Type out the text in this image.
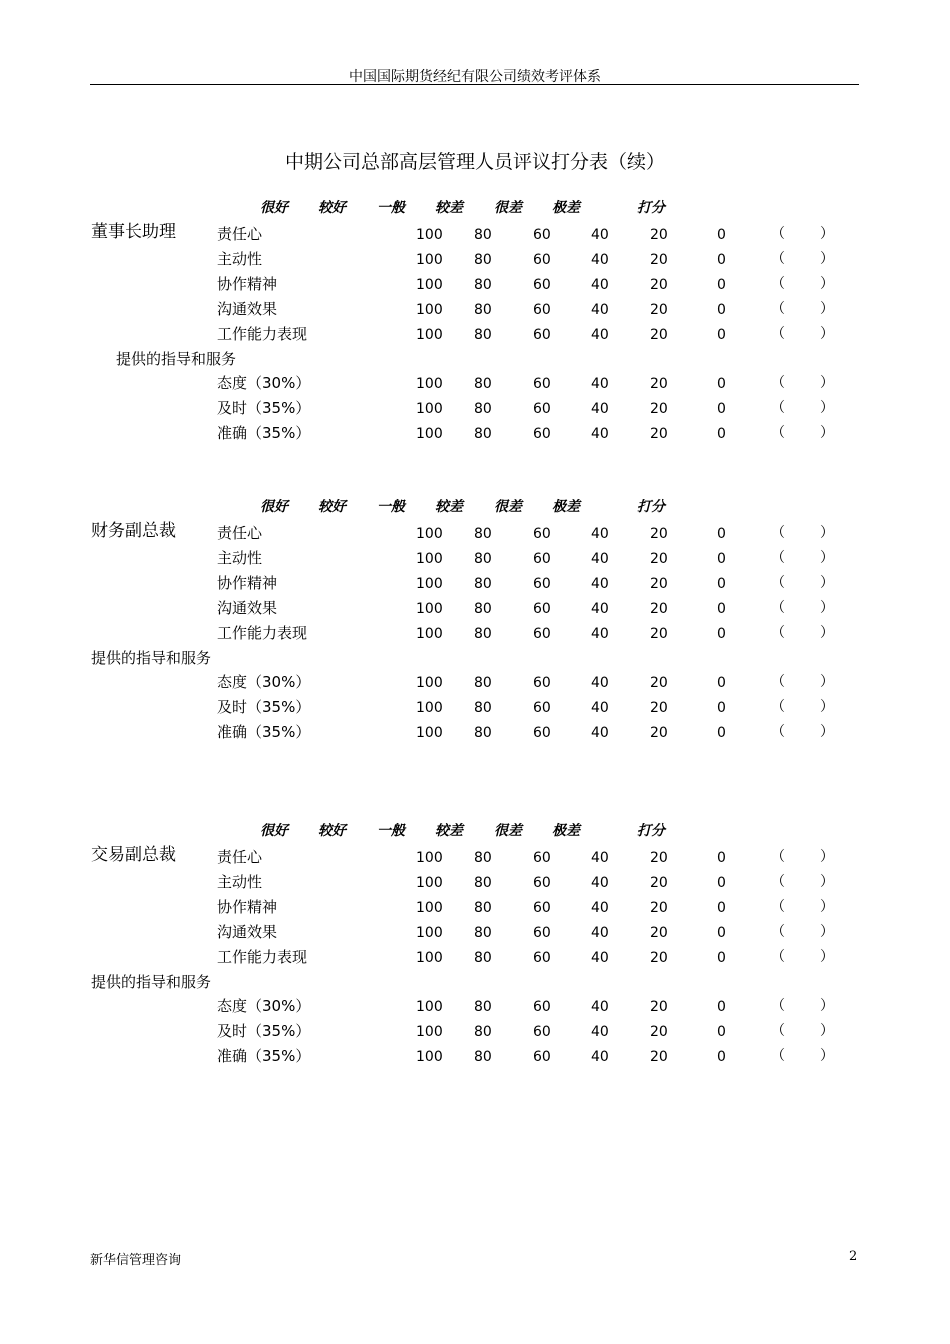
中国国际期货经纪有限公司绩效考评体系
中期公司总部高层管理人员评议打分表（续）
很好 较好 一般 较差 很差 极差	打分
董事长助理	责任心	100 80	60	40	20	0	（	）
主动性	100 80	60	40	20	0	（	）
协作精神	100 80	60	40	20	0	（	）
沟通效果	100 80	60	40	20	0	（	）
工作能力表现	100 80	60	40	20	0	（	）
提供的指导和服务
态度（30%）	100 80	60	40	20	0	（	）
及时（35%）	100 80	60	40	20	0	（	）
准确（35%）	100 80	60	40	20	0	（	）
很好 较好 一般 较差 很差 极差	打分
财务副总裁	责任心	100 80	60	40	20	0	（	）
主动性	100 80	60	40	20	0	（	）
协作精神	100 80	60	40	20	0	（	）
沟通效果	100 80	60	40	20	0	（	）
工作能力表现	100 80	60	40	20	0	（	）
提供的指导和服务
态度（30%）	100 80	60	40	20	0	（	）
及时（35%）	100 80	60	40	20	0	（	）
准确（35%）	100 80	60	40	20	0	（	）
很好 较好 一般 较差 很差 极差	打分
交易副总裁	责任心	100 80	60	40	20	0	（	）
主动性	100 80	60	40	20	0	（	）
协作精神	100 80	60	40	20	0	（	）
沟通效果	100 80	60	40	20	0	（	）
工作能力表现	100 80	60	40	20	0	（	）
提供的指导和服务
态度（30%）	100 80	60	40	20	0	（	）
及时（35%）	100 80	60	40	20	0	（	）
准确（35%）	100 80	60	40	20	0	（	）
新华信管理咨询	2
